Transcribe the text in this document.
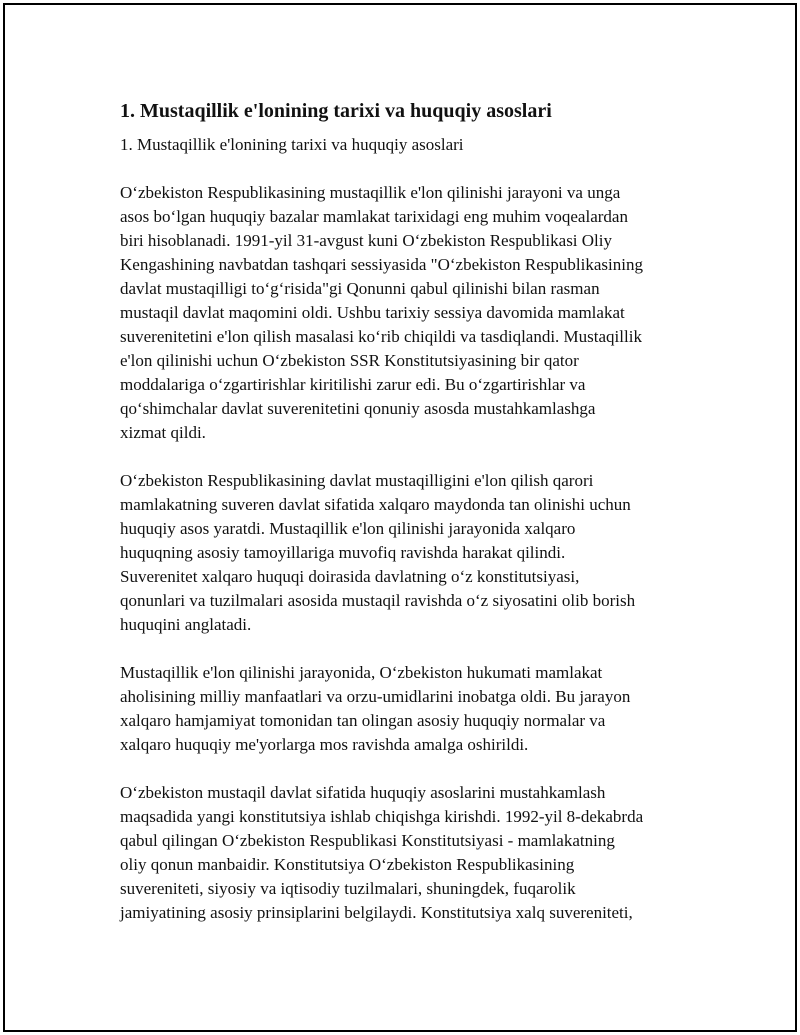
1. Mustaqillik e'lonining tarixi va huquqiy asoslari
1. Mustaqillik e'lonining tarixi va huquqiy asoslari

O‘zbekiston Respublikasining mustaqillik e'lon qilinishi jarayoni va unga
asos bo‘lgan huquqiy bazalar mamlakat tarixidagi eng muhim voqealardan
biri hisoblanadi. 1991-yil 31-avgust kuni O‘zbekiston Respublikasi Oliy
Kengashining navbatdan tashqari sessiyasida "O‘zbekiston Respublikasining
davlat mustaqilligi to‘g‘risida"gi Qonunni qabul qilinishi bilan rasman
mustaqil davlat maqomini oldi. Ushbu tarixiy sessiya davomida mamlakat
suverenitetini e'lon qilish masalasi ko‘rib chiqildi va tasdiqlandi. Mustaqillik
e'lon qilinishi uchun O‘zbekiston SSR Konstitutsiyasining bir qator
moddalariga o‘zgartirishlar kiritilishi zarur edi. Bu o‘zgartirishlar va
qo‘shimchalar davlat suverenitetini qonuniy asosda mustahkamlashga
xizmat qildi.

O‘zbekiston Respublikasining davlat mustaqilligini e'lon qilish qarori
mamlakatning suveren davlat sifatida xalqaro maydonda tan olinishi uchun
huquqiy asos yaratdi. Mustaqillik e'lon qilinishi jarayonida xalqaro
huquqning asosiy tamoyillariga muvofiq ravishda harakat qilindi.
Suverenitet xalqaro huquqi doirasida davlatning o‘z konstitutsiyasi,
qonunlari va tuzilmalari asosida mustaqil ravishda o‘z siyosatini olib borish
huquqini anglatadi.

Mustaqillik e'lon qilinishi jarayonida, O‘zbekiston hukumati mamlakat
aholisining milliy manfaatlari va orzu-umidlarini inobatga oldi. Bu jarayon
xalqaro hamjamiyat tomonidan tan olingan asosiy huquqiy normalar va
xalqaro huquqiy me'yorlarga mos ravishda amalga oshirildi.

O‘zbekiston mustaqil davlat sifatida huquqiy asoslarini mustahkamlash
maqsadida yangi konstitutsiya ishlab chiqishga kirishdi. 1992-yil 8-dekabrda
qabul qilingan O‘zbekiston Respublikasi Konstitutsiyasi - mamlakatning
oliy qonun manbaidir. Konstitutsiya O‘zbekiston Respublikasining
suvereniteti, siyosiy va iqtisodiy tuzilmalari, shuningdek, fuqarolik
jamiyatining asosiy prinsiplarini belgilaydi. Konstitutsiya xalq suvereniteti,
